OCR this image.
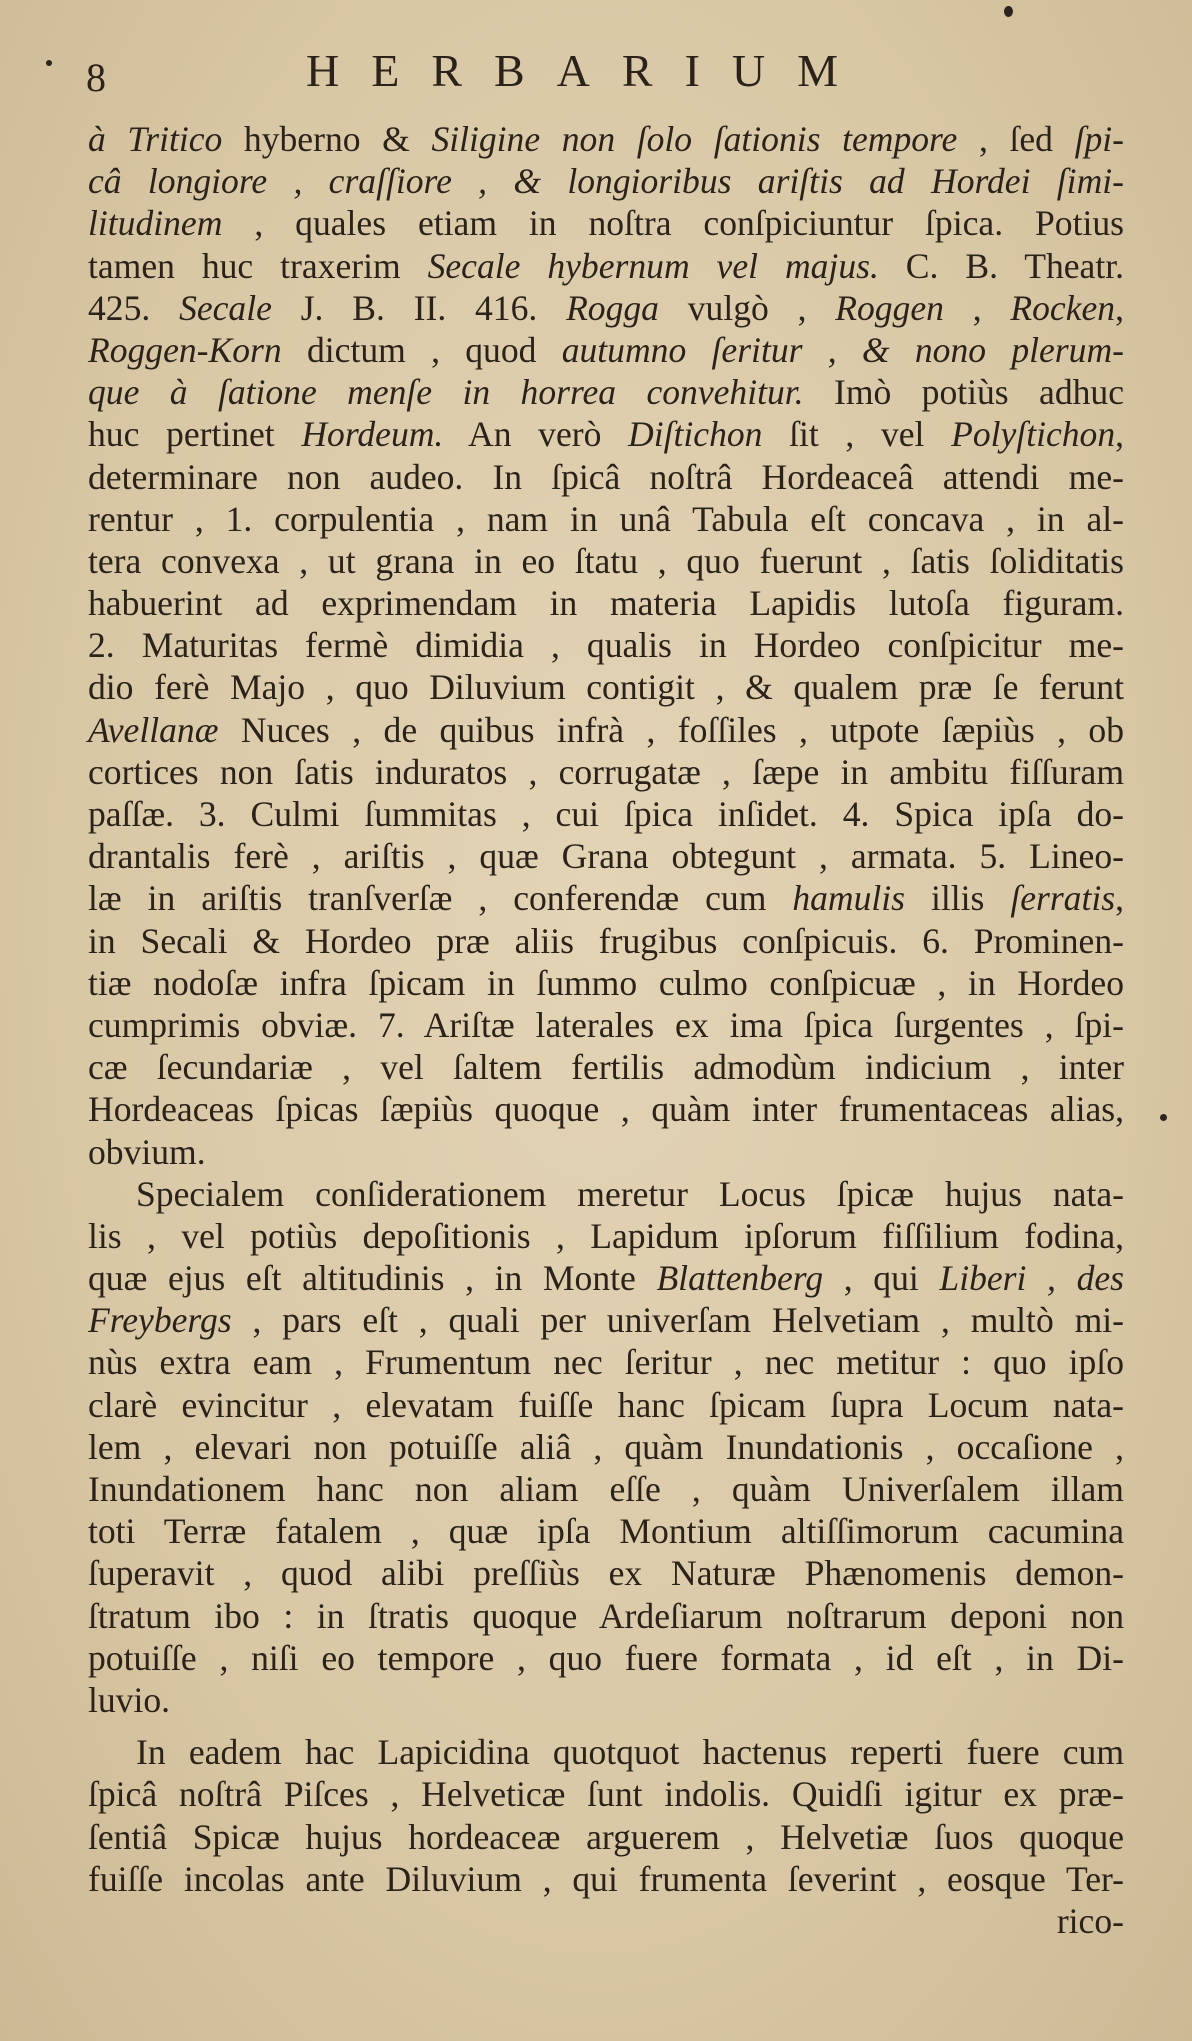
8	HERBARIUM
à Tritico hyberno & Siligine non ſolo ſationis tempore , ſed ſpi-
câ longiore , craſſiore , & longioribus ariſtis ad Hordei ſimi-
litudinem , quales etiam in noſtra conſpiciuntur ſpica. Potius
tamen huc traxerim Secale hybernum vel majus. C. B. Theatr.
425. Secale J. B. II. 416. Rogga vulgò , Roggen , Rocken,
Roggen-Korn dictum , quod autumno ſeritur , & nono plerum-
que à ſatione menſe in horrea convehitur. Imò potiùs adhuc
huc pertinet Hordeum. An verò Diſtichon ſit , vel Polyſtichon,
determinare non audeo. In ſpicâ noſtrâ Hordeaceâ attendi me-
rentur , 1. corpulentia , nam in unâ Tabula eſt concava , in al-
tera convexa , ut grana in eo ſtatu , quo fuerunt , ſatis ſoliditatis
habuerint ad exprimendam in materia Lapidis lutoſa figuram.
2. Maturitas fermè dimidia , qualis in Hordeo conſpicitur me-
dio ferè Majo , quo Diluvium contigit , & qualem præ ſe ferunt
Avellanæ Nuces , de quibus infrà , foſſiles , utpote ſæpiùs , ob
cortices non ſatis induratos , corrugatæ , ſæpe in ambitu fiſſuram
paſſæ. 3. Culmi ſummitas , cui ſpica inſidet. 4. Spica ipſa do-
drantalis ferè , ariſtis , quæ Grana obtegunt , armata. 5. Lineo-
læ in ariſtis tranſverſæ , conferendæ cum hamulis illis ſerratis,
in Secali & Hordeo præ aliis frugibus conſpicuis. 6. Prominen-
tiæ nodoſæ infra ſpicam in ſummo culmo conſpicuæ , in Hordeo
cumprimis obviæ. 7. Ariſtæ laterales ex ima ſpica ſurgentes , ſpi-
cæ ſecundariæ , vel ſaltem fertilis admodùm indicium , inter
Hordeaceas ſpicas ſæpiùs quoque , quàm inter frumentaceas alias,
obvium.
Specialem conſiderationem meretur Locus ſpicæ hujus nata-
lis , vel potiùs depoſitionis , Lapidum ipſorum fiſſilium fodina,
quæ ejus eſt altitudinis , in Monte Blattenberg , qui Liberi , des
Freybergs , pars eſt , quali per univerſam Helvetiam , multò mi-
nùs extra eam , Frumentum nec ſeritur , nec metitur : quo ipſo
clarè evincitur , elevatam fuiſſe hanc ſpicam ſupra Locum nata-
lem , elevari non potuiſſe aliâ , quàm Inundationis , occaſione ,
Inundationem hanc non aliam eſſe , quàm Univerſalem illam
toti Terræ fatalem , quæ ipſa Montium altiſſimorum cacumina
ſuperavit , quod alibi preſſiùs ex Naturæ Phænomenis demon-
ſtratum ibo : in ſtratis quoque Ardeſiarum noſtrarum deponi non
potuiſſe , niſi eo tempore , quo fuere formata , id eſt , in Di-
luvio.
In eadem hac Lapicidina quotquot hactenus reperti fuere cum
ſpicâ noſtrâ Piſces , Helveticæ ſunt indolis. Quidſi igitur ex præ-
ſentiâ Spicæ hujus hordeaceæ arguerem , Helvetiæ ſuos quoque
fuiſſe incolas ante Diluvium , qui frumenta ſeverint , eosque Ter-
rico-
